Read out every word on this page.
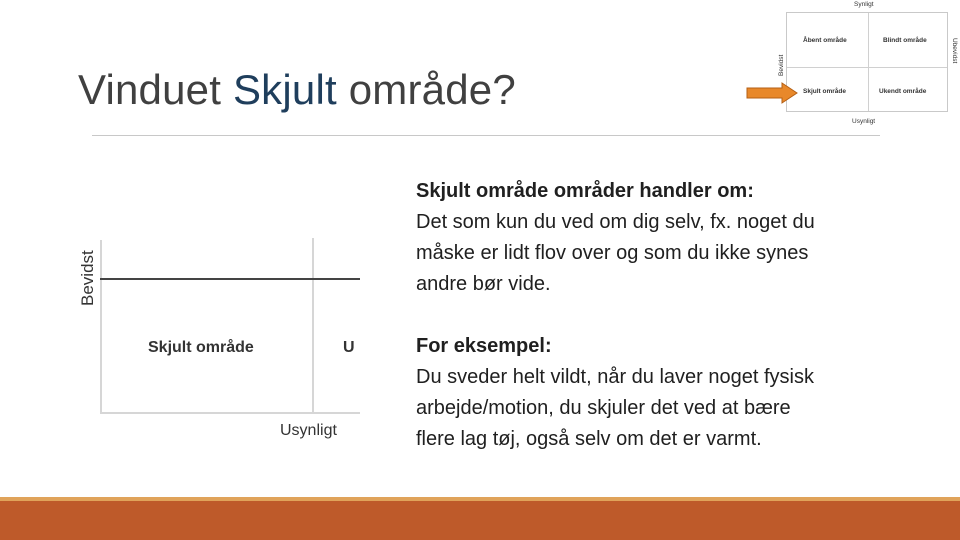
Vinduet Skjult område?
Synligt
Bevidst
Ubevidst
Åbent område	Blindt område
Skjult område	Ukendt område
Usynligt
Bevidst
Skjult område	U
Usynligt

Skjult område områder handler om:

Det som kun du ved om dig selv, fx. noget du

måske er lidt flov over og som du ikke synes

andre bør vide.

For eksempel:

Du sveder helt vildt, når du laver noget fysisk

arbejde/motion, du skjuler det ved at bære

flere lag tøj, også selv om det er varmt.
